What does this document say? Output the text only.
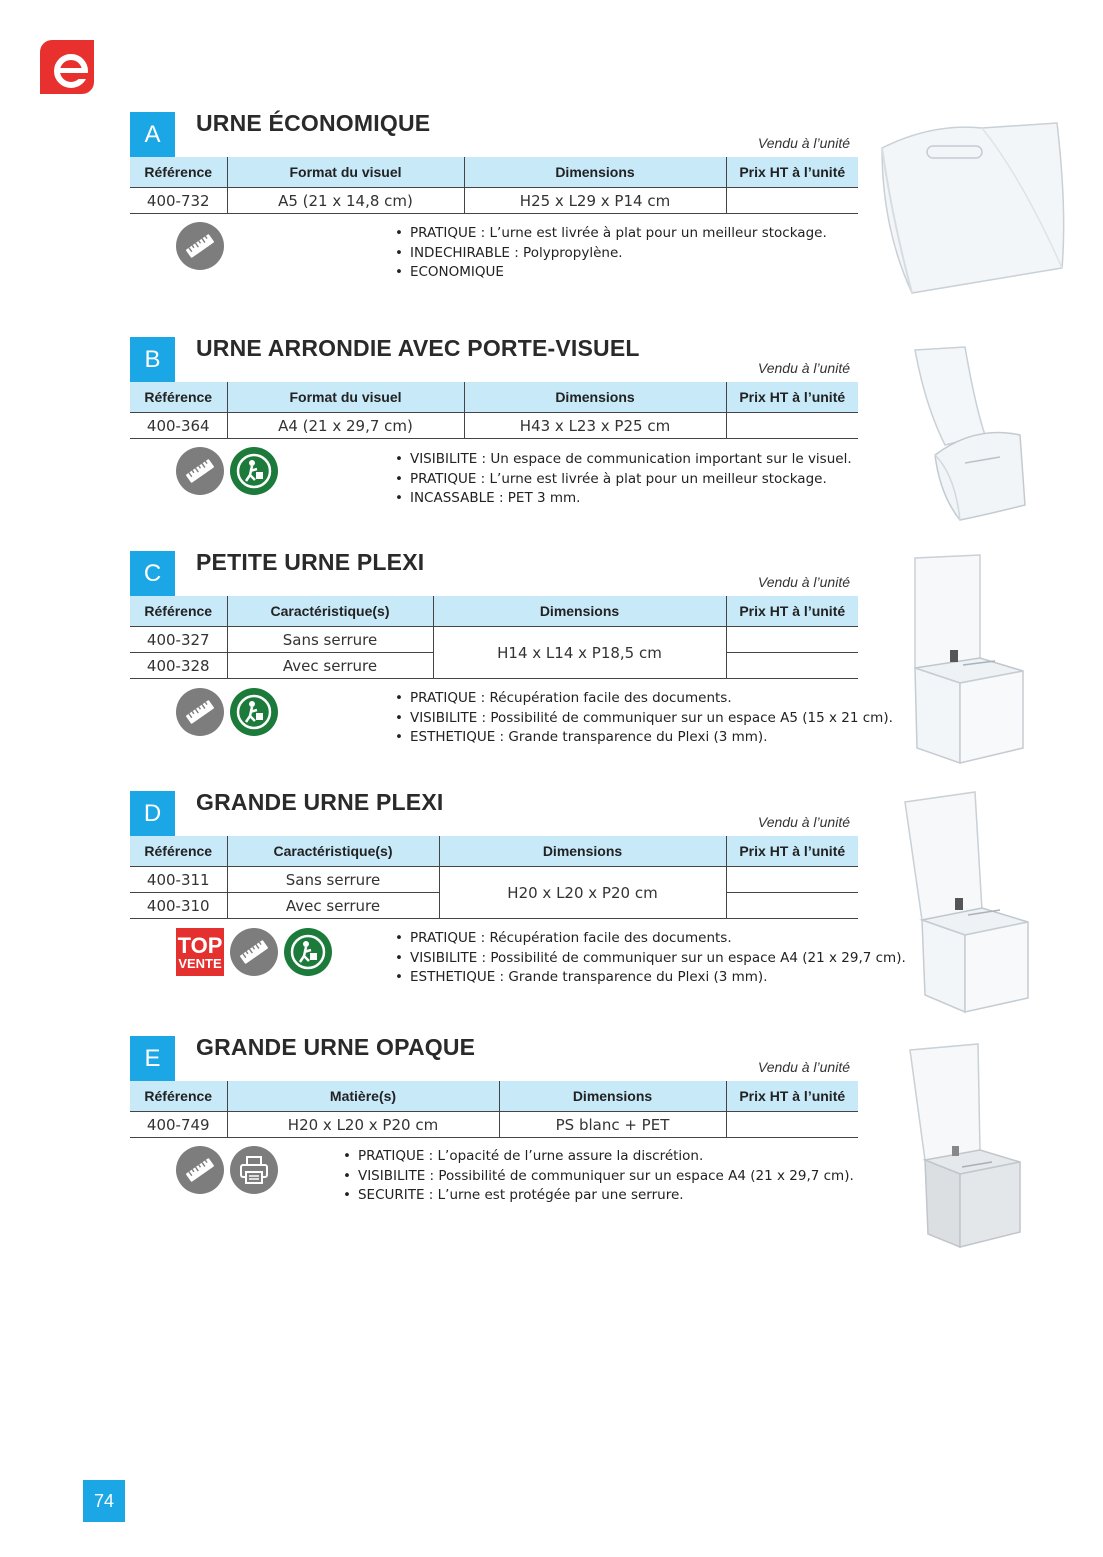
A	URNE ÉCONOMIQUE
Vendu à l’unité
Référence	Format du visuel	Dimensions	Prix HT à l’unité
400-732	A5 (21 x 14,8 cm)	H25 x L29 x P14 cm	
• PRATIQUE : L’urne est livrée à plat pour un meilleur stockage.
• INDECHIRABLE : Polypropylène.
• ECONOMIQUE
B	URNE ARRONDIE AVEC PORTE-VISUEL
Vendu à l’unité
Référence	Format du visuel	Dimensions	Prix HT à l’unité
400-364	A4 (21 x 29,7 cm)	H43 x L23 x P25 cm	
• VISIBILITE : Un espace de communication important sur le visuel.
• PRATIQUE : L’urne est livrée à plat pour un meilleur stockage.
• INCASSABLE : PET 3 mm.
C	PETITE URNE PLEXI
Vendu à l’unité
Référence	Caractéristique(s)	Dimensions	Prix HT à l’unité
400-327	Sans serrure	H14 x L14 x P18,5 cm	
400-328	Avec serrure		
• PRATIQUE : Récupération facile des documents.
• VISIBILITE : Possibilité de communiquer sur un espace A5 (15 x 21 cm).
• ESTHETIQUE : Grande transparence du Plexi (3 mm).
D	GRANDE URNE PLEXI
Vendu à l’unité
Référence	Caractéristique(s)	Dimensions	Prix HT à l’unité
400-311	Sans serrure	H20 x L20 x P20 cm	
400-310	Avec serrure		
TOP
VENTE
• PRATIQUE : Récupération facile des documents.
• VISIBILITE : Possibilité de communiquer sur un espace A4 (21 x 29,7 cm).
• ESTHETIQUE : Grande transparence du Plexi (3 mm).
E	GRANDE URNE OPAQUE
Vendu à l’unité
Référence	Matière(s)	Dimensions	Prix HT à l’unité
400-749	H20 x L20 x P20 cm	PS blanc + PET	
• PRATIQUE : L’opacité de l’urne assure la discrétion.
• VISIBILITE : Possibilité de communiquer sur un espace A4 (21 x 29,7 cm).
• SECURITE : L’urne est protégée par une serrure.
74
